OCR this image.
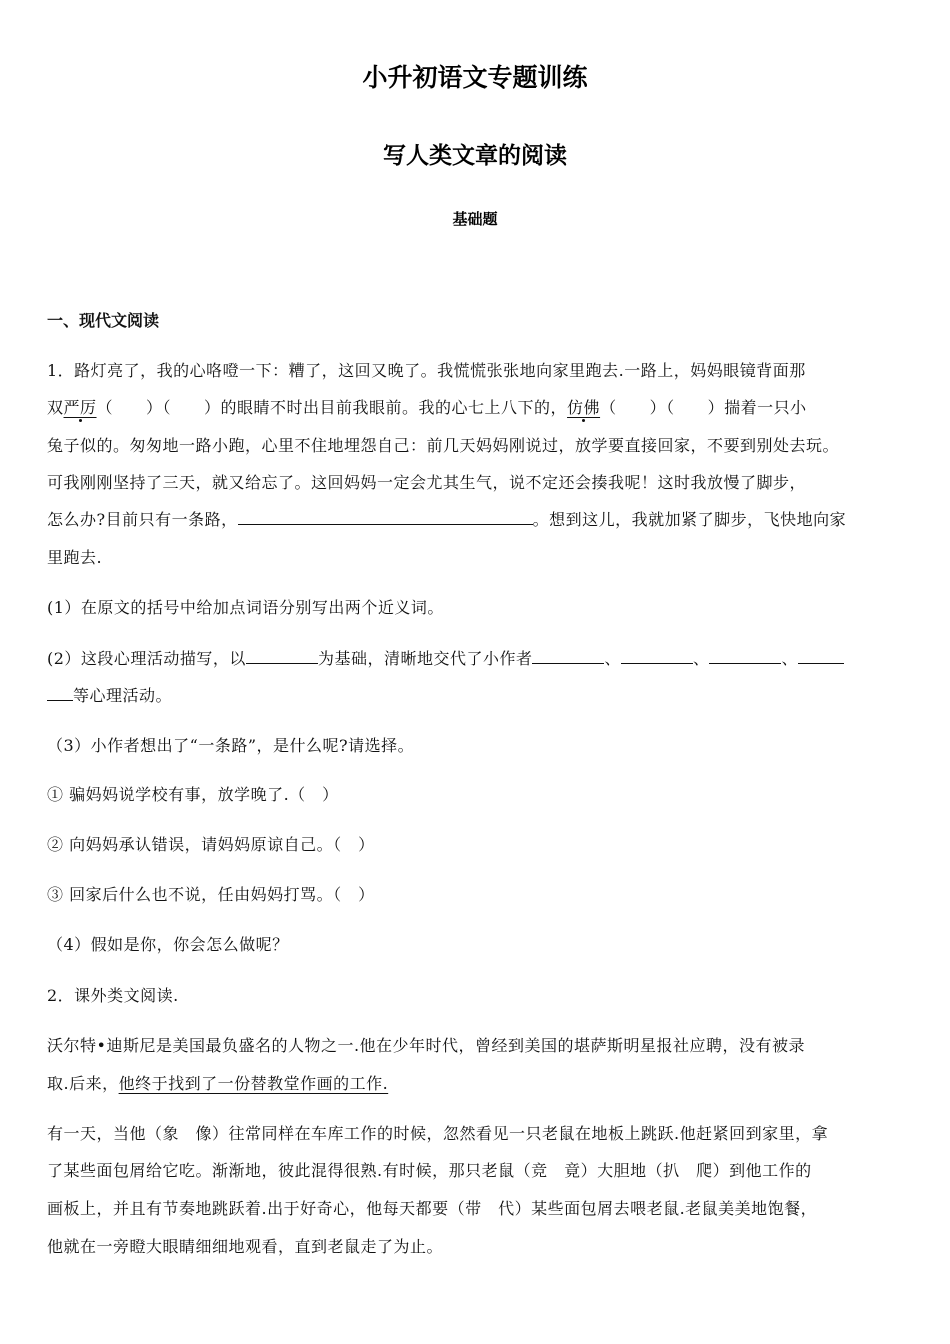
小升初语文专题训练
写人类文章的阅读
基础题
一、现代文阅读
1．路灯亮了，我的心咯噔一下：糟了，这回又晚了。我慌慌张张地向家里跑去.一路上，妈妈眼镜背面那
双严厉（　　）（　　）的眼睛不时出目前我眼前。我的心七上八下的，仿佛（　　）（　　）揣着一只小
兔子似的。匆匆地一路小跑，心里不住地埋怨自己：前几天妈妈刚说过，放学要直接回家，不要到别处去玩。
可我刚刚坚持了三天，就又给忘了。这回妈妈一定会尤其生气，说不定还会揍我呢！这时我放慢了脚步，
怎么办?目前只有一条路，	。想到这儿，我就加紧了脚步，飞快地向家
里跑去.
(1）在原文的括号中给加点词语分别写出两个近义词。
(2）这段心理活动描写，以	为基础，清晰地交代了小作者	、	、	、
等心理活动。
（3）小作者想出了“一条路”，是什么呢?请选择。
① 骗妈妈说学校有事，放学晚了.（　）
② 向妈妈承认错误，请妈妈原谅自己。（　）
③ 回家后什么也不说，任由妈妈打骂。（　）
（4）假如是你，你会怎么做呢？
2．课外类文阅读.
沃尔特•迪斯尼是美国最负盛名的人物之一.他在少年时代，曾经到美国的堪萨斯明星报社应聘，没有被录
取.后来，他终于找到了一份替教堂作画的工作.
有一天，当他（象　像）往常同样在车库工作的时候，忽然看见一只老鼠在地板上跳跃.他赶紧回到家里，拿
了某些面包屑给它吃。渐渐地，彼此混得很熟.有时候，那只老鼠（竞　竟）大胆地（扒　爬）到他工作的
画板上，并且有节奏地跳跃着.出于好奇心，他每天都要（带　代）某些面包屑去喂老鼠.老鼠美美地饱餐，
他就在一旁瞪大眼睛细细地观看，直到老鼠走了为止。
